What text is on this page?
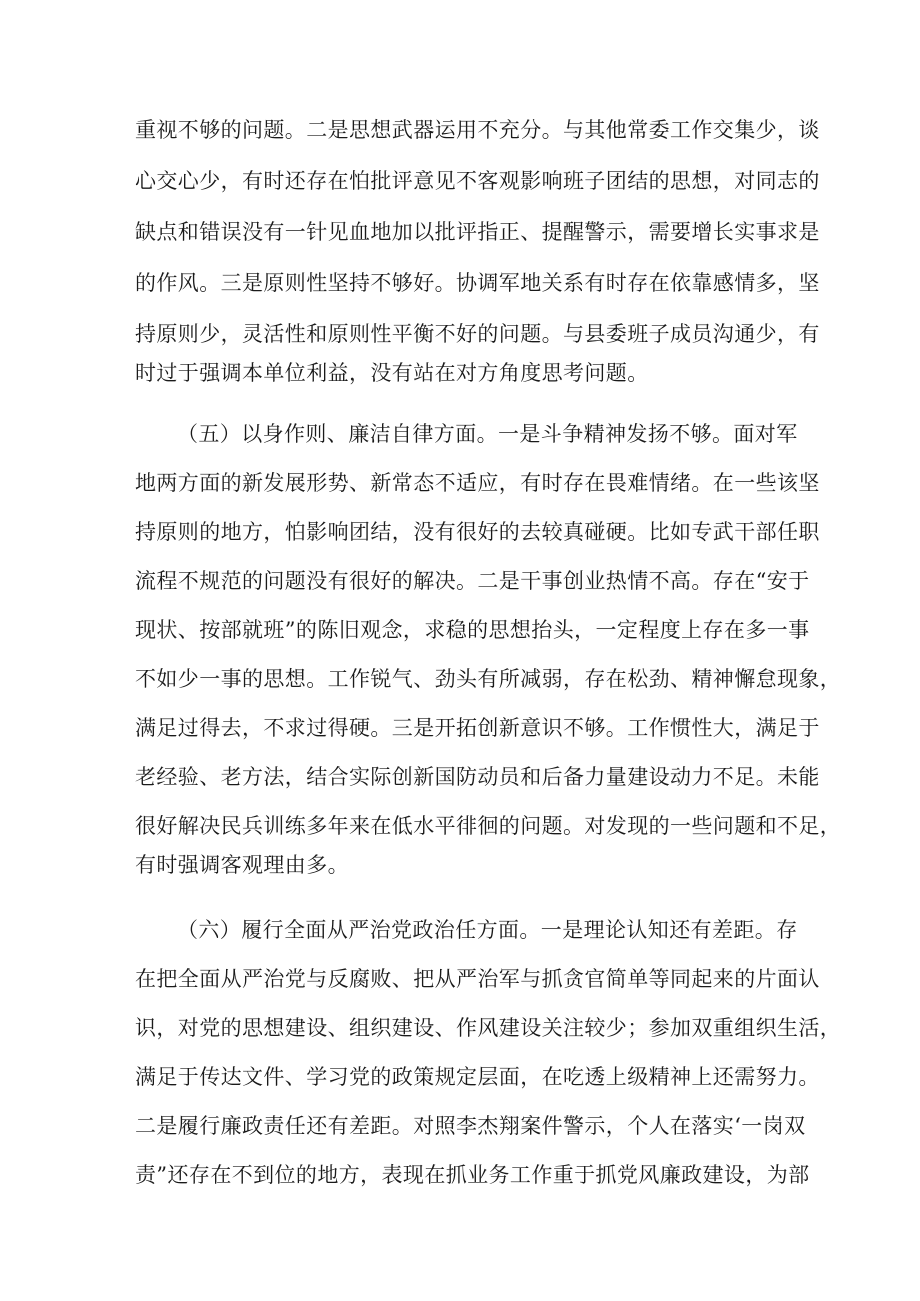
重视不够的问题。二是思想武器运用不充分。与其他常委工作交集少，谈
心交心少，有时还存在怕批评意见不客观影响班子团结的思想，对同志的
缺点和错误没有一针见血地加以批评指正、提醒警示，需要增长实事求是
的作风。三是原则性坚持不够好。协调军地关系有时存在依靠感情多，坚
持原则少，灵活性和原则性平衡不好的问题。与县委班子成员沟通少，有
时过于强调本单位利益，没有站在对方角度思考问题。
（五）以身作则、廉洁自律方面。一是斗争精神发扬不够。面对军
地两方面的新发展形势、新常态不适应，有时存在畏难情绪。在一些该坚
持原则的地方，怕影响团结，没有很好的去较真碰硬。比如专武干部任职
流程不规范的问题没有很好的解决。二是干事创业热情不高。存在“安于
现状、按部就班”的陈旧观念，求稳的思想抬头，一定程度上存在多一事
不如少一事的思想。工作锐气、劲头有所减弱，存在松劲、精神懈怠现象，
满足过得去，不求过得硬。三是开拓创新意识不够。工作惯性大，满足于
老经验、老方法，结合实际创新国防动员和后备力量建设动力不足。未能
很好解决民兵训练多年来在低水平徘徊的问题。对发现的一些问题和不足，
有时强调客观理由多。
（六）履行全面从严治党政治任方面。一是理论认知还有差距。存
在把全面从严治党与反腐败、把从严治军与抓贪官简单等同起来的片面认
识，对党的思想建设、组织建设、作风建设关注较少；参加双重组织生活，
满足于传达文件、学习党的政策规定层面，在吃透上级精神上还需努力。
二是履行廉政责任还有差距。对照李杰翔案件警示，个人在落实‘一岗双
责”还存在不到位的地方，表现在抓业务工作重于抓党风廉政建设，为部
